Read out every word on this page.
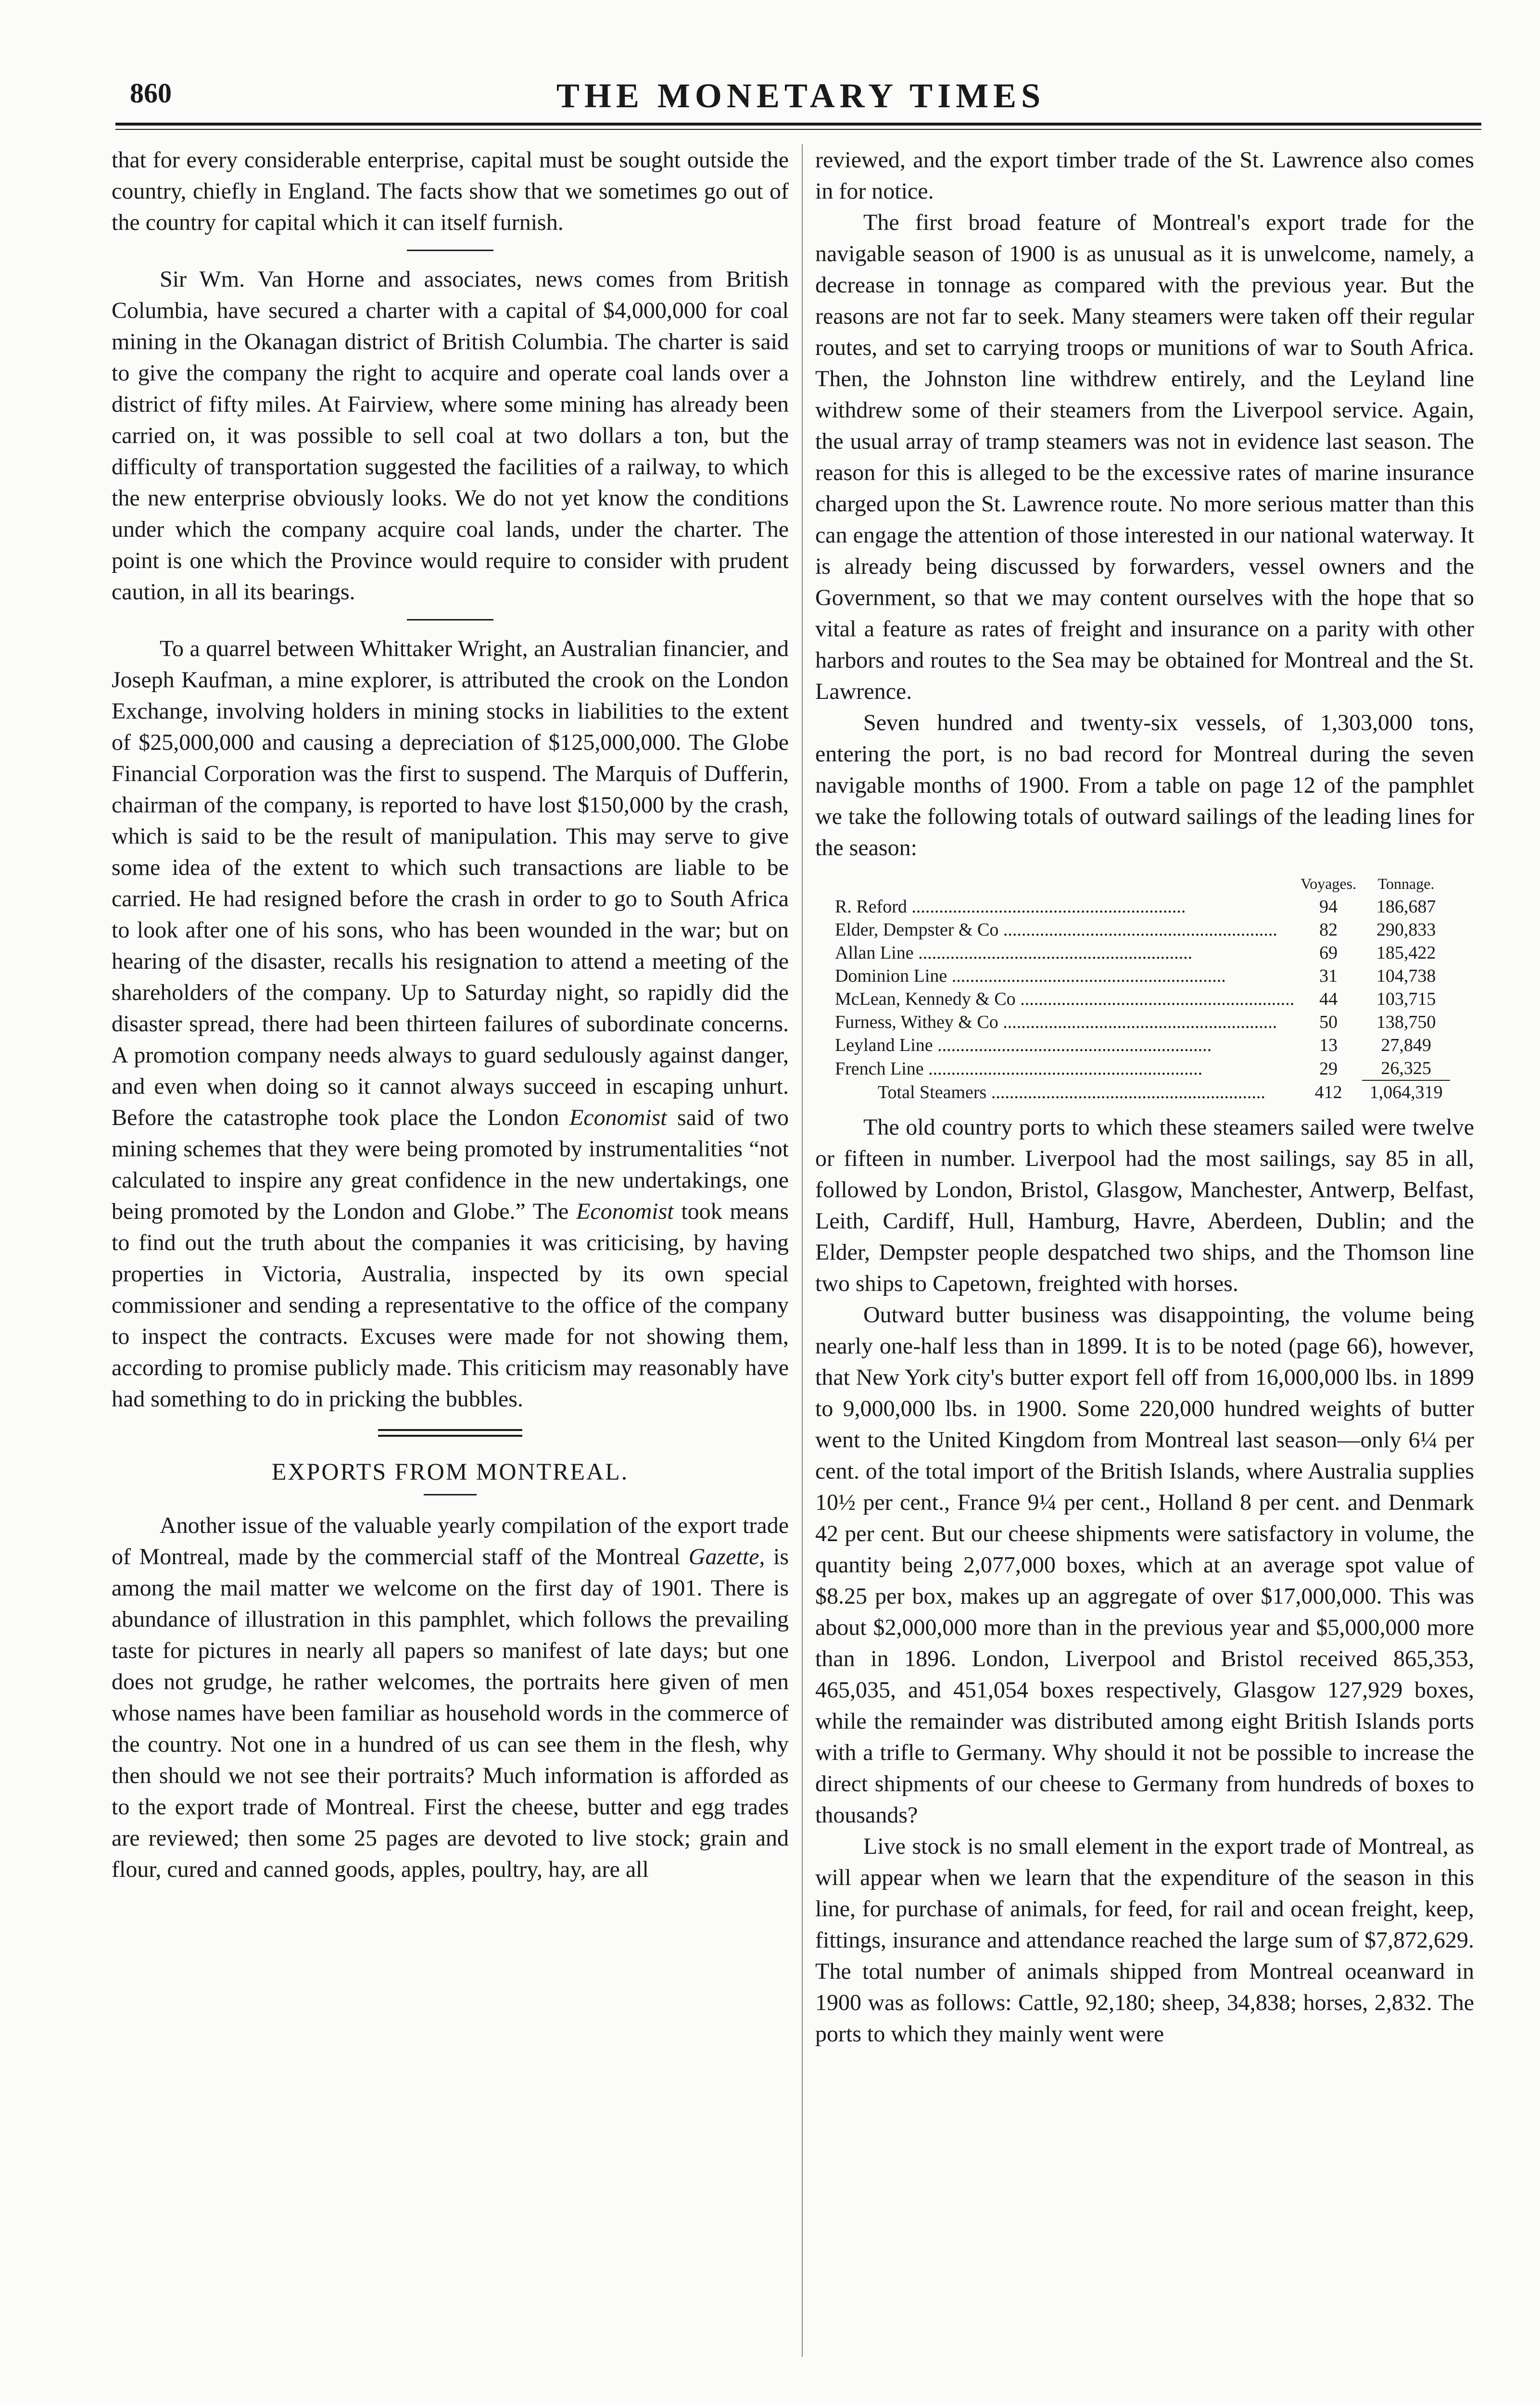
860	THE MONETARY TIMES

that for every considerable enterprise, capital must be sought outside the country, chiefly in England. The facts show that we sometimes go out of the country for capital which it can itself furnish.

Sir Wm. Van Horne and associates, news comes from British Columbia, have secured a charter with a capital of $4,000,000 for coal mining in the Okanagan district of British Columbia. The charter is said to give the company the right to acquire and operate coal lands over a district of fifty miles. At Fairview, where some mining has already been carried on, it was possible to sell coal at two dollars a ton, but the difficulty of transportation suggested the facilities of a railway, to which the new enterprise obviously looks. We do not yet know the conditions under which the company acquire coal lands, under the charter. The point is one which the Province would require to consider with prudent caution, in all its bearings.

To a quarrel between Whittaker Wright, an Australian financier, and Joseph Kaufman, a mine explorer, is attributed the crook on the London Exchange, involving holders in mining stocks in liabilities to the extent of $25,000,000 and causing a depreciation of $125,000,000. The Globe Financial Corporation was the first to suspend. The Marquis of Dufferin, chairman of the company, is reported to have lost $150,000 by the crash, which is said to be the result of manipulation. This may serve to give some idea of the extent to which such transactions are liable to be carried. He had resigned before the crash in order to go to South Africa to look after one of his sons, who has been wounded in the war; but on hearing of the disaster, recalls his resignation to attend a meeting of the shareholders of the company. Up to Saturday night, so rapidly did the disaster spread, there had been thirteen failures of subordinate concerns. A promotion company needs always to guard sedulously against danger, and even when doing so it cannot always succeed in escaping unhurt. Before the catastrophe took place the London Economist said of two mining schemes that they were being promoted by instrumentalities “not calculated to inspire any great confidence in the new undertakings, one being promoted by the London and Globe.” The Economist took means to find out the truth about the companies it was criticising, by having properties in Victoria, Australia, inspected by its own special commissioner and sending a representative to the office of the company to inspect the contracts. Excuses were made for not showing them, according to promise publicly made. This criticism may reasonably have had something to do in pricking the bubbles.

EXPORTS FROM MONTREAL.

Another issue of the valuable yearly compilation of the export trade of Montreal, made by the commercial staff of the Montreal Gazette, is among the mail matter we welcome on the first day of 1901. There is abundance of illustration in this pamphlet, which follows the prevailing taste for pictures in nearly all papers so manifest of late days; but one does not grudge, he rather welcomes, the portraits here given of men whose names have been familiar as household words in the commerce of the country. Not one in a hundred of us can see them in the flesh, why then should we not see their portraits? Much information is afforded as to the export trade of Montreal. First the cheese, butter and egg trades are reviewed; then some 25 pages are devoted to live stock; grain and flour, cured and canned goods, apples, poultry, hay, are all

reviewed, and the export timber trade of the St. Lawrence also comes in for notice.

The first broad feature of Montreal's export trade for the navigable season of 1900 is as unusual as it is unwelcome, namely, a decrease in tonnage as compared with the previous year. But the reasons are not far to seek. Many steamers were taken off their regular routes, and set to carrying troops or munitions of war to South Africa. Then, the Johnston line withdrew entirely, and the Leyland line withdrew some of their steamers from the Liverpool service. Again, the usual array of tramp steamers was not in evidence last season. The reason for this is alleged to be the excessive rates of marine insurance charged upon the St. Lawrence route. No more serious matter than this can engage the attention of those interested in our national waterway. It is already being discussed by forwarders, vessel owners and the Government, so that we may content ourselves with the hope that so vital a feature as rates of freight and insurance on a parity with other harbors and routes to the Sea may be obtained for Montreal and the St. Lawrence.

Seven hundred and twenty-six vessels, of 1,303,000 tons, entering the port, is no bad record for Montreal during the seven navigable months of 1900. From a table on page 12 of the pamphlet we take the following totals of outward sailings of the leading lines for the season:

	Voyages.	Tonnage.
R. Reford .....	94	186,687
Elder, Dempster & Co .....	82	290,833
Allan Line .....	69	185,422
Dominion Line .....	31	104,738
McLean, Kennedy & Co .....	44	103,715
Furness, Withey & Co .....	50	138,750
Leyland Line .....	13	27,849
French Line .....	29	26,325
Total Steamers .....	412	1,064,319

The old country ports to which these steamers sailed were twelve or fifteen in number. Liverpool had the most sailings, say 85 in all, followed by London, Bristol, Glasgow, Manchester, Antwerp, Belfast, Leith, Cardiff, Hull, Hamburg, Havre, Aberdeen, Dublin; and the Elder, Dempster people despatched two ships, and the Thomson line two ships to Capetown, freighted with horses.

Outward butter business was disappointing, the volume being nearly one-half less than in 1899. It is to be noted (page 66), however, that New York city's butter export fell off from 16,000,000 lbs. in 1899 to 9,000,000 lbs. in 1900. Some 220,000 hundred weights of butter went to the United Kingdom from Montreal last season—only 6¼ per cent. of the total import of the British Islands, where Australia supplies 10½ per cent., France 9¼ per cent., Holland 8 per cent. and Denmark 42 per cent. But our cheese shipments were satisfactory in volume, the quantity being 2,077,000 boxes, which at an average spot value of $8.25 per box, makes up an aggregate of over $17,000,000. This was about $2,000,000 more than in the previous year and $5,000,000 more than in 1896. London, Liverpool and Bristol received 865,353, 465,035, and 451,054 boxes respectively, Glasgow 127,929 boxes, while the remainder was distributed among eight British Islands ports with a trifle to Germany. Why should it not be possible to increase the direct shipments of our cheese to Germany from hundreds of boxes to thousands?

Live stock is no small element in the export trade of Montreal, as will appear when we learn that the expenditure of the season in this line, for purchase of animals, for feed, for rail and ocean freight, keep, fittings, insurance and attendance reached the large sum of $7,872,629. The total number of animals shipped from Montreal oceanward in 1900 was as follows: Cattle, 92,180; sheep, 34,838; horses, 2,832. The ports to which they mainly went were
